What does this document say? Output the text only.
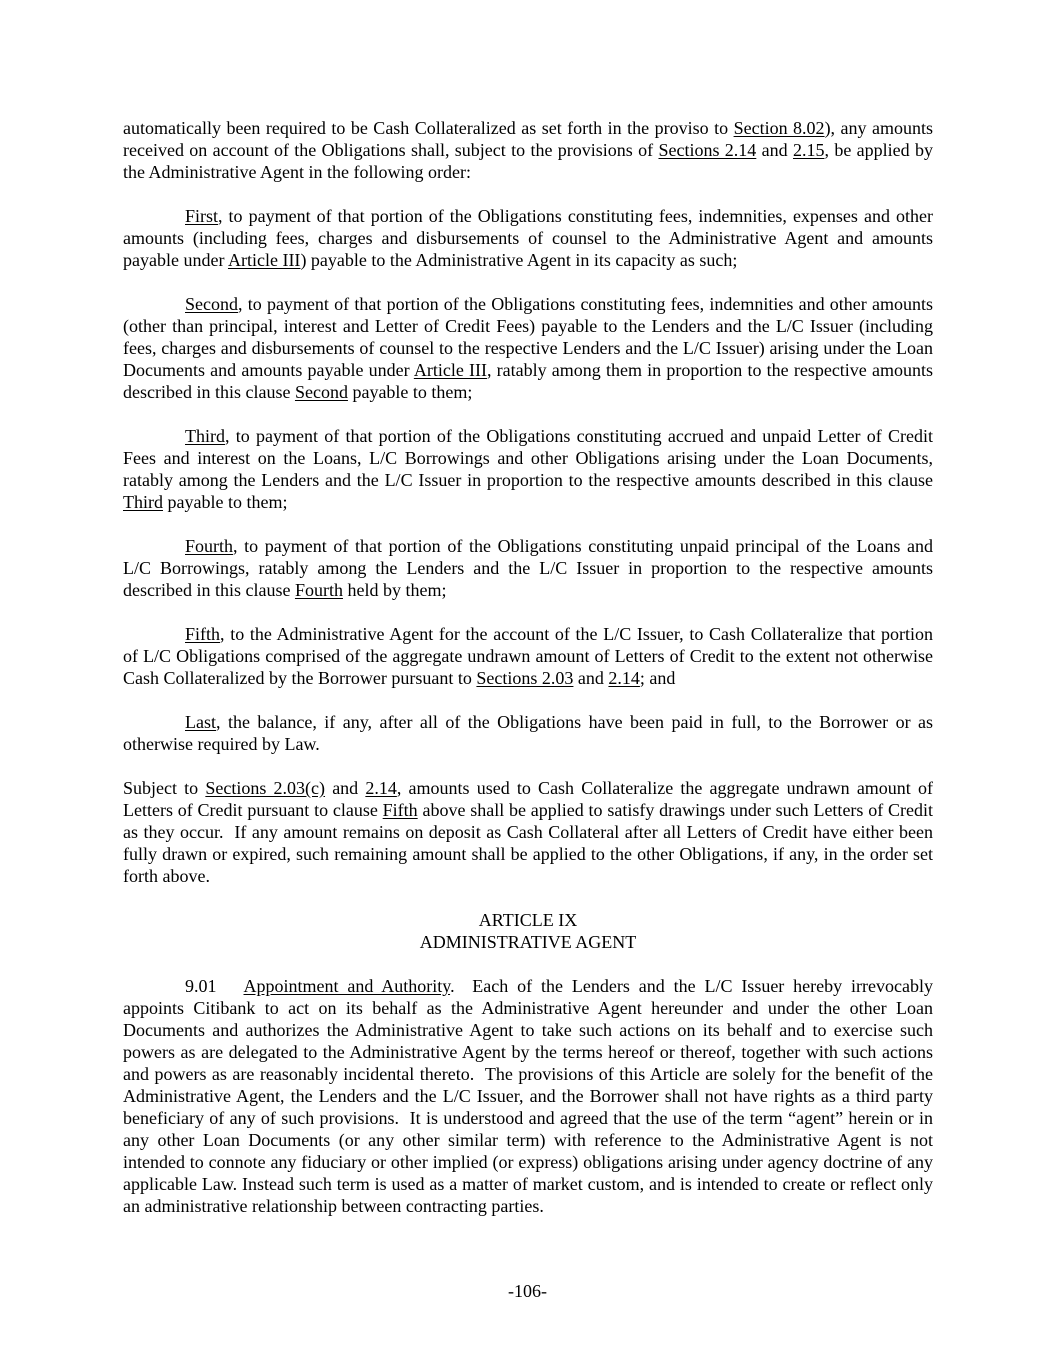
automatically been required to be Cash Collateralized as set forth in the proviso to Section 8.02), any amounts received on account of the Obligations shall, subject to the provisions of Sections 2.14 and 2.15, be applied by the Administrative Agent in the following order:

First, to payment of that portion of the Obligations constituting fees, indemnities, expenses and other amounts (including fees, charges and disbursements of counsel to the Administrative Agent and amounts payable under Article III) payable to the Administrative Agent in its capacity as such;

Second, to payment of that portion of the Obligations constituting fees, indemnities and other amounts (other than principal, interest and Letter of Credit Fees) payable to the Lenders and the L/C Issuer (including fees, charges and disbursements of counsel to the respective Lenders and the L/C Issuer) arising under the Loan Documents and amounts payable under Article III, ratably among them in proportion to the respective amounts described in this clause Second payable to them;

Third, to payment of that portion of the Obligations constituting accrued and unpaid Letter of Credit Fees and interest on the Loans, L/C Borrowings and other Obligations arising under the Loan Documents, ratably among the Lenders and the L/C Issuer in proportion to the respective amounts described in this clause Third payable to them;

Fourth, to payment of that portion of the Obligations constituting unpaid principal of the Loans and L/C Borrowings, ratably among the Lenders and the L/C Issuer in proportion to the respective amounts described in this clause Fourth held by them;

Fifth, to the Administrative Agent for the account of the L/C Issuer, to Cash Collateralize that portion of L/C Obligations comprised of the aggregate undrawn amount of Letters of Credit to the extent not otherwise Cash Collateralized by the Borrower pursuant to Sections 2.03 and 2.14; and

Last, the balance, if any, after all of the Obligations have been paid in full, to the Borrower or as otherwise required by Law.

Subject to Sections 2.03(c) and 2.14, amounts used to Cash Collateralize the aggregate undrawn amount of Letters of Credit pursuant to clause Fifth above shall be applied to satisfy drawings under such Letters of Credit as they occur.  If any amount remains on deposit as Cash Collateral after all Letters of Credit have either been fully drawn or expired, such remaining amount shall be applied to the other Obligations, if any, in the order set forth above.

ARTICLE IX

ADMINISTRATIVE AGENT

9.01  Appointment and Authority.  Each of the Lenders and the L/C Issuer hereby irrevocably appoints Citibank to act on its behalf as the Administrative Agent hereunder and under the other Loan Documents and authorizes the Administrative Agent to take such actions on its behalf and to exercise such powers as are delegated to the Administrative Agent by the terms hereof or thereof, together with such actions and powers as are reasonably incidental thereto.  The provisions of this Article are solely for the benefit of the Administrative Agent, the Lenders and the L/C Issuer, and the Borrower shall not have rights as a third party beneficiary of any of such provisions.  It is understood and agreed that the use of the term “agent” herein or in any other Loan Documents (or any other similar term) with reference to the Administrative Agent is not intended to connote any fiduciary or other implied (or express) obligations arising under agency doctrine of any applicable Law. Instead such term is used as a matter of market custom, and is intended to create or reflect only an administrative relationship between contracting parties.

-106-
